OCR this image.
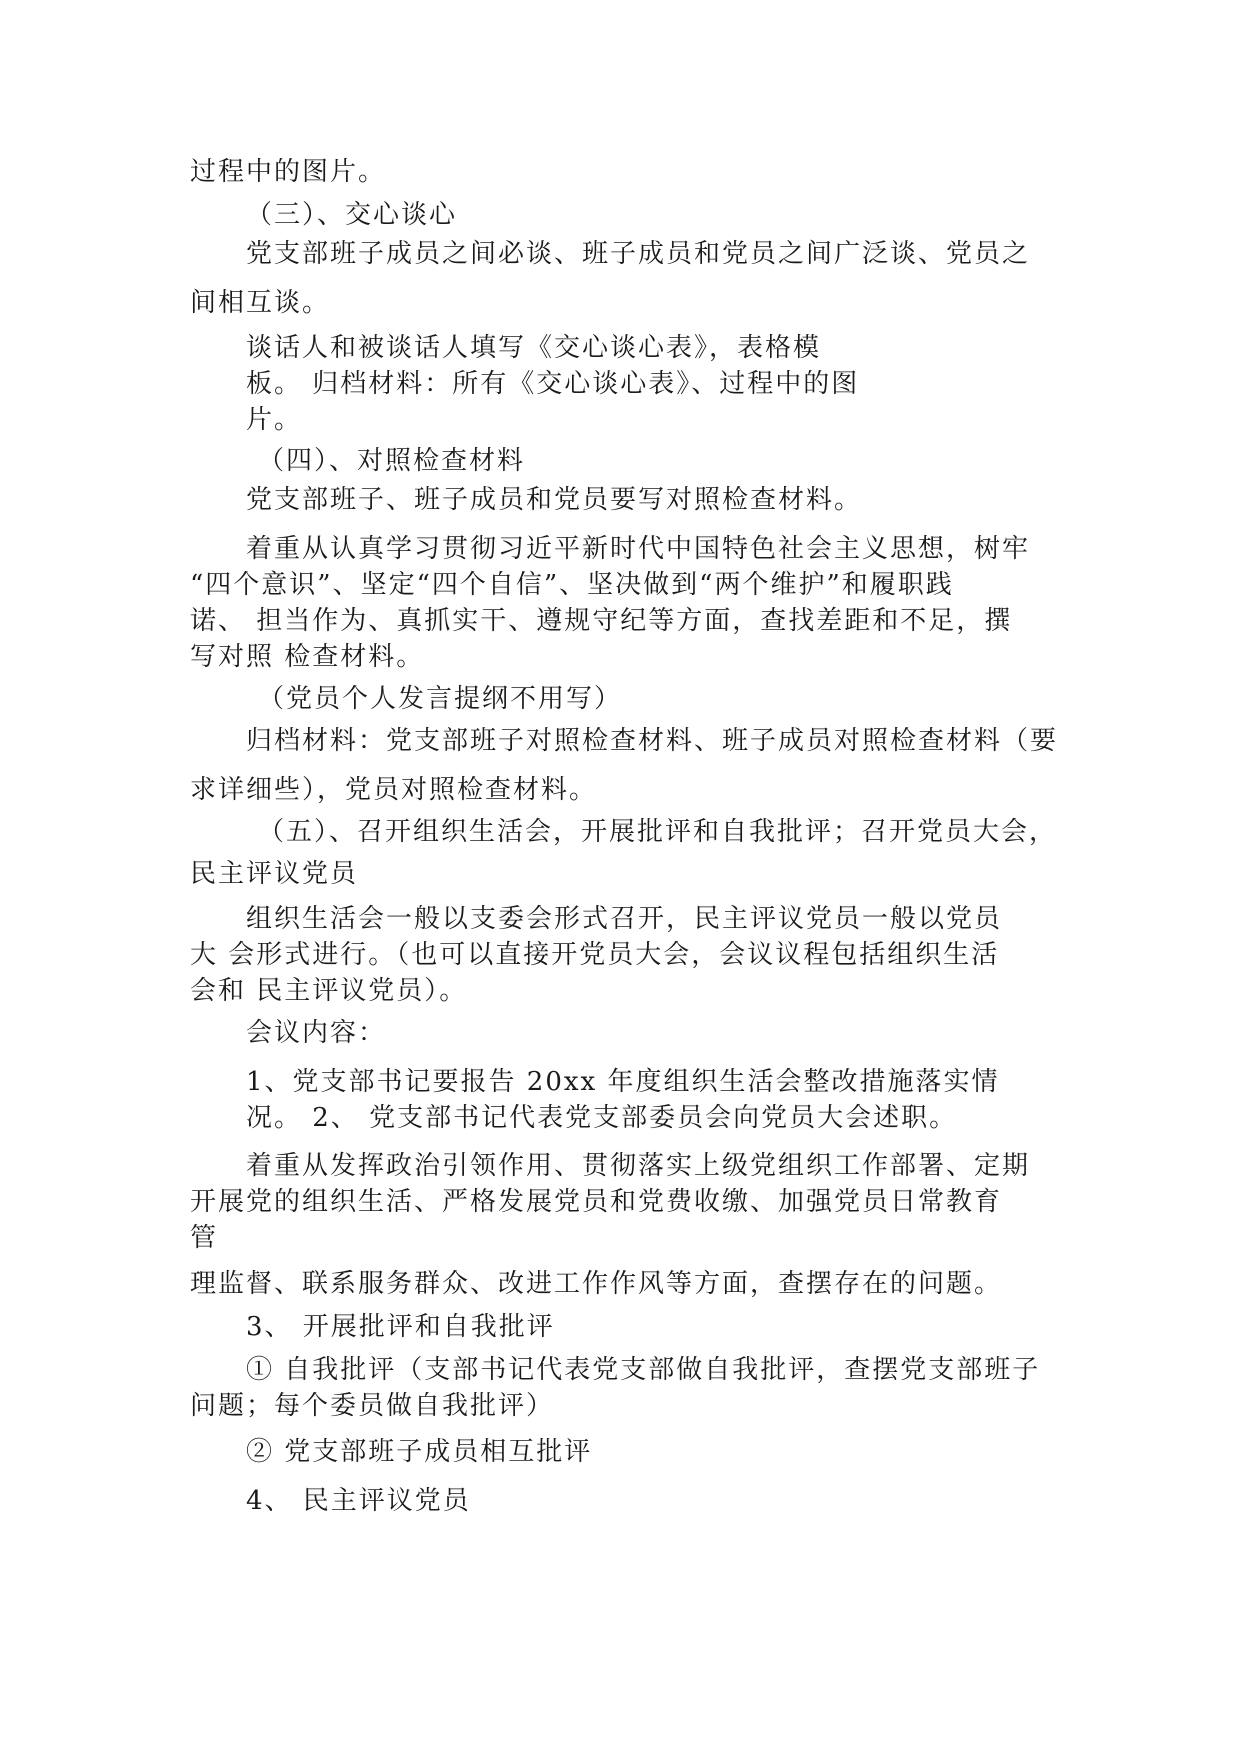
过程中的图片。
（三）、交心谈心
党支部班子成员之间必谈、班子成员和党员之间广泛谈、党员之
间相互谈。
谈话人和被谈话人填写《交心谈心表》，表格模
板。 归档材料：所有《交心谈心表》、过程中的图
片。
（四）、对照检查材料
党支部班子、班子成员和党员要写对照检查材料。
着重从认真学习贯彻习近平新时代中国特色社会主义思想，树牢
“四个意识”、坚定“四个自信”、坚决做到“两个维护”和履职践
诺、 担当作为、真抓实干、遵规守纪等方面，查找差距和不足，撰
写对照 检查材料。
（党员个人发言提纲不用写）
归档材料：党支部班子对照检查材料、班子成员对照检查材料（要
求详细些），党员对照检查材料。
（五）、召开组织生活会，开展批评和自我批评；召开党员大会，
民主评议党员
组织生活会一般以支委会形式召开，民主评议党员一般以党员
大 会形式进行。（也可以直接开党员大会，会议议程包括组织生活
会和 民主评议党员）。
会议内容：
1、党支部书记要报告 20xx 年度组织生活会整改措施落实情
况。 2、 党支部书记代表党支部委员会向党员大会述职。
着重从发挥政治引领作用、贯彻落实上级党组织工作部署、定期
开展党的组织生活、严格发展党员和党费收缴、加强党员日常教育
管
理监督、联系服务群众、改进工作作风等方面，查摆存在的问题。
3、 开展批评和自我批评
① 自我批评（支部书记代表党支部做自我批评，查摆党支部班子
问题；每个委员做自我批评）
② 党支部班子成员相互批评
4、 民主评议党员
